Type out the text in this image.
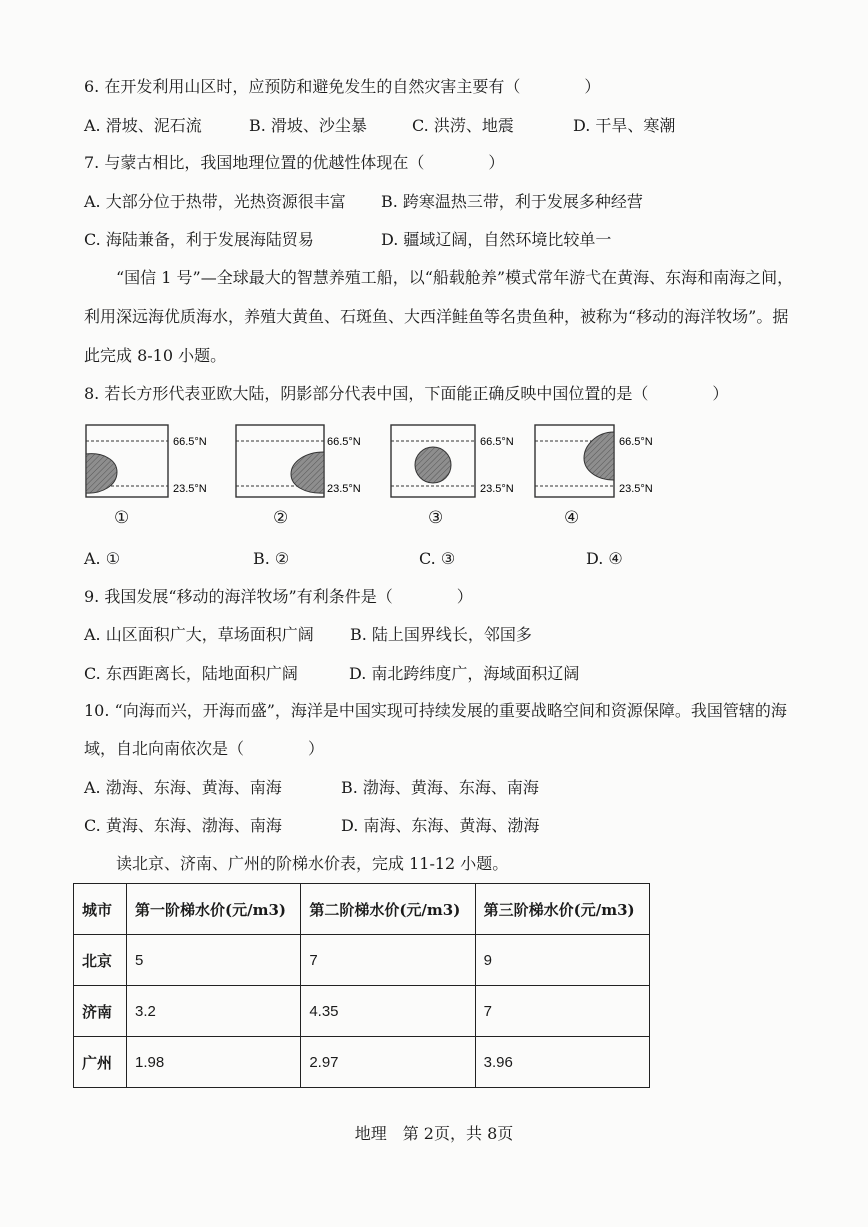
6. 在开发利用山区时，应预防和避免发生的自然灾害主要有（　　　　）
A. 滑坡、泥石流	B. 滑坡、沙尘暴	C. 洪涝、地震	D. 干旱、寒潮
7. 与蒙古相比，我国地理位置的优越性体现在（　　　　）
A. 大部分位于热带，光热资源很丰富 B. 跨寒温热三带，利于发展多种经营
C. 海陆兼备，利于发展海陆贸易	D. 疆域辽阔，自然环境比较单一
“国信 1 号”—全球最大的智慧养殖工船，以“船载舱养”模式常年游弋在黄海、东海和南海之间，
利用深远海优质海水，养殖大黄鱼、石斑鱼、大西洋鲑鱼等名贵鱼种，被称为“移动的海洋牧场”。据
此完成 8-10 小题。
8. 若长方形代表亚欧大陆，阴影部分代表中国，下面能正确反映中国位置的是（　　　　）
66.5°N
23.5°N
66.5°N
23.5°N
66.5°N
23.5°N
66.5°N
23.5°N
①	②	③	④
A. ①	B. ②	C. ③	D. ④
9. 我国发展“移动的海洋牧场”有利条件是（　　　　）
A. 山区面积广大，草场面积广阔 B. 陆上国界线长，邻国多
C. 东西距离长，陆地面积广阔	D. 南北跨纬度广，海域面积辽阔
10. “向海而兴，开海而盛”，海洋是中国实现可持续发展的重要战略空间和资源保障。我国管辖的海
域，自北向南依次是（　　　　）
A. 渤海、东海、黄海、南海	B. 渤海、黄海、东海、南海
C. 黄海、东海、渤海、南海	D. 南海、东海、黄海、渤海
读北京、济南、广州的阶梯水价表，完成 11-12 小题。
城市	第一阶梯水价(元/m3)	第二阶梯水价(元/m3)	第三阶梯水价(元/m3)
北京	5	7	9
济南	3.2	4.35	7
广州	1.98	2.97	3.96
地理　第 2页，共 8页
